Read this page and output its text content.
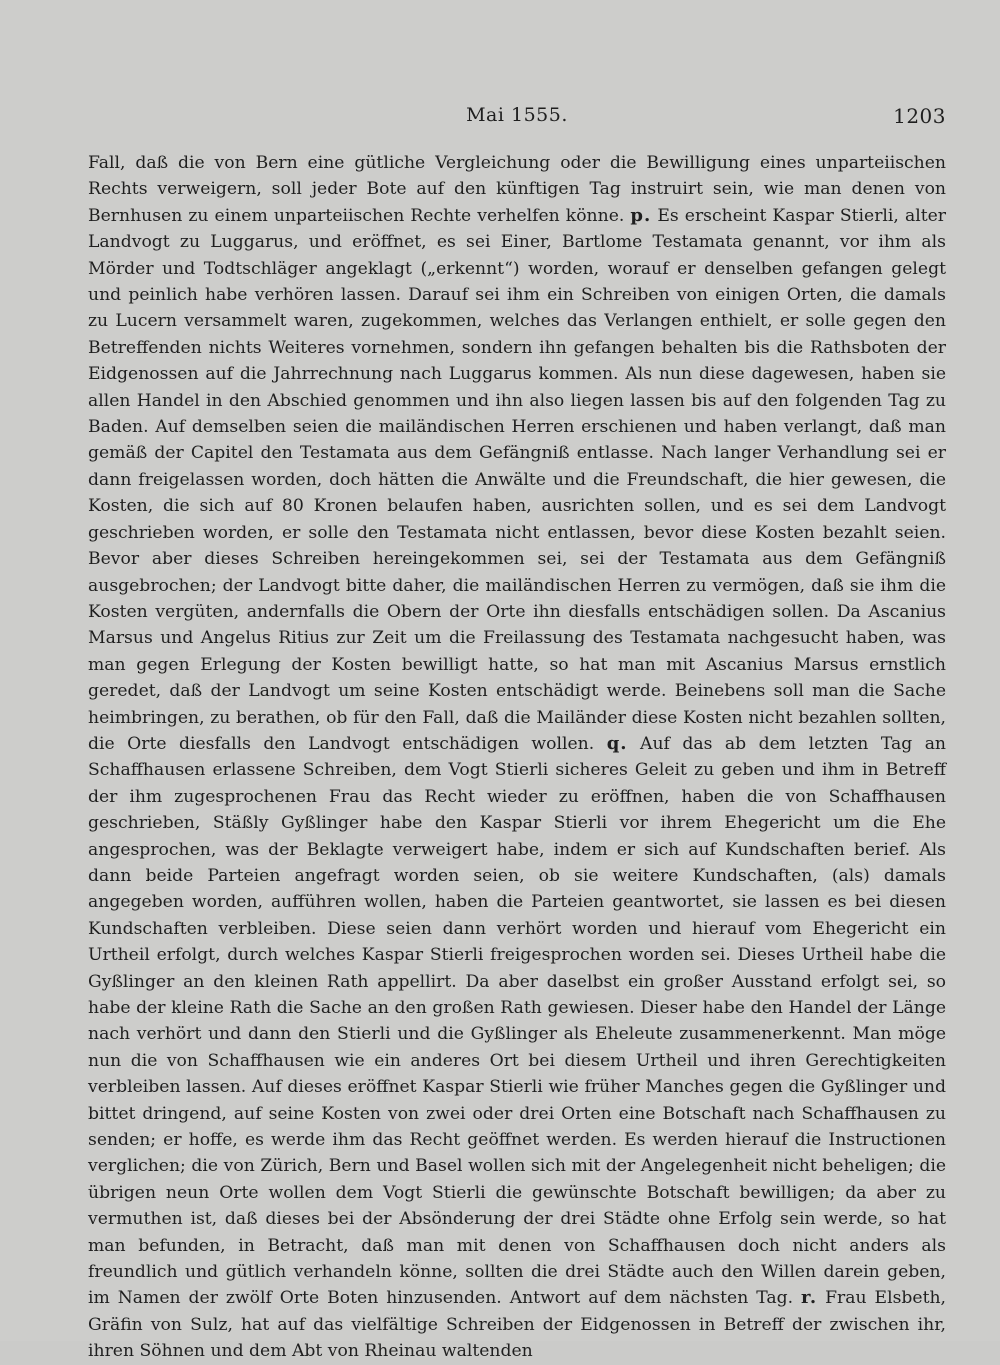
Mai 1555.	1203

Fall, daß die von Bern eine gütliche Vergleichung oder die Bewilligung eines unparteiischen Rechts verweigern, soll jeder Bote auf den künftigen Tag instruirt sein, wie man denen von Bernhusen zu einem unparteiischen Rechte verhelfen könne. p. Es erscheint Kaspar Stierli, alter Landvogt zu Luggarus, und eröffnet, es sei Einer, Bartlome Testamata genannt, vor ihm als Mörder und Todtschläger angeklagt („erkennt“) worden, worauf er denselben gefangen gelegt und peinlich habe verhören lassen. Darauf sei ihm ein Schreiben von einigen Orten, die damals zu Lucern versammelt waren, zugekommen, welches das Verlangen enthielt, er solle gegen den Betreffenden nichts Weiteres vornehmen, sondern ihn gefangen behalten bis die Rathsboten der Eidgenossen auf die Jahrrechnung nach Luggarus kommen. Als nun diese dagewesen, haben sie allen Handel in den Abschied genommen und ihn also liegen lassen bis auf den folgenden Tag zu Baden. Auf demselben seien die mailändischen Herren erschienen und haben verlangt, daß man gemäß der Capitel den Testamata aus dem Gefängniß entlasse. Nach langer Verhandlung sei er dann freigelassen worden, doch hätten die Anwälte und die Freundschaft, die hier gewesen, die Kosten, die sich auf 80 Kronen belaufen haben, ausrichten sollen, und es sei dem Landvogt geschrieben worden, er solle den Testamata nicht entlassen, bevor diese Kosten bezahlt seien. Bevor aber dieses Schreiben hereingekommen sei, sei der Testamata aus dem Gefängniß ausgebrochen; der Landvogt bitte daher, die mailändischen Herren zu vermögen, daß sie ihm die Kosten vergüten, andernfalls die Obern der Orte ihn diesfalls entschädigen sollen. Da Ascanius Marsus und Angelus Ritius zur Zeit um die Freilassung des Testamata nachgesucht haben, was man gegen Erlegung der Kosten bewilligt hatte, so hat man mit Ascanius Marsus ernstlich geredet, daß der Landvogt um seine Kosten entschädigt werde. Beinebens soll man die Sache heimbringen, zu berathen, ob für den Fall, daß die Mailänder diese Kosten nicht bezahlen sollten, die Orte diesfalls den Landvogt entschädigen wollen. q. Auf das ab dem letzten Tag an Schaffhausen erlassene Schreiben, dem Vogt Stierli sicheres Geleit zu geben und ihm in Betreff der ihm zugesprochenen Frau das Recht wieder zu eröffnen, haben die von Schaffhausen geschrieben, Stäßly Gyßlinger habe den Kaspar Stierli vor ihrem Ehegericht um die Ehe angesprochen, was der Beklagte verweigert habe, indem er sich auf Kundschaften berief. Als dann beide Parteien angefragt worden seien, ob sie weitere Kundschaften, (als) damals angegeben worden, aufführen wollen, haben die Parteien geantwortet, sie lassen es bei diesen Kundschaften verbleiben. Diese seien dann verhört worden und hierauf vom Ehegericht ein Urtheil erfolgt, durch welches Kaspar Stierli freigesprochen worden sei. Dieses Urtheil habe die Gyßlinger an den kleinen Rath appellirt. Da aber daselbst ein großer Ausstand erfolgt sei, so habe der kleine Rath die Sache an den großen Rath gewiesen. Dieser habe den Handel der Länge nach verhört und dann den Stierli und die Gyßlinger als Eheleute zusammenerkennt. Man möge nun die von Schaffhausen wie ein anderes Ort bei diesem Urtheil und ihren Gerechtigkeiten verbleiben lassen. Auf dieses eröffnet Kaspar Stierli wie früher Manches gegen die Gyßlinger und bittet dringend, auf seine Kosten von zwei oder drei Orten eine Botschaft nach Schaffhausen zu senden; er hoffe, es werde ihm das Recht geöffnet werden. Es werden hierauf die Instructionen verglichen; die von Zürich, Bern und Basel wollen sich mit der Angelegenheit nicht beheligen; die übrigen neun Orte wollen dem Vogt Stierli die gewünschte Botschaft bewilligen; da aber zu vermuthen ist, daß dieses bei der Absönderung der drei Städte ohne Erfolg sein werde, so hat man befunden, in Betracht, daß man mit denen von Schaffhausen doch nicht anders als freundlich und gütlich verhandeln könne, sollten die drei Städte auch den Willen darein geben, im Namen der zwölf Orte Boten hinzusenden. Antwort auf dem nächsten Tag. r. Frau Elsbeth, Gräfin von Sulz, hat auf das vielfältige Schreiben der Eidgenossen in Betreff der zwischen ihr, ihren Söhnen und dem Abt von Rheinau waltenden
